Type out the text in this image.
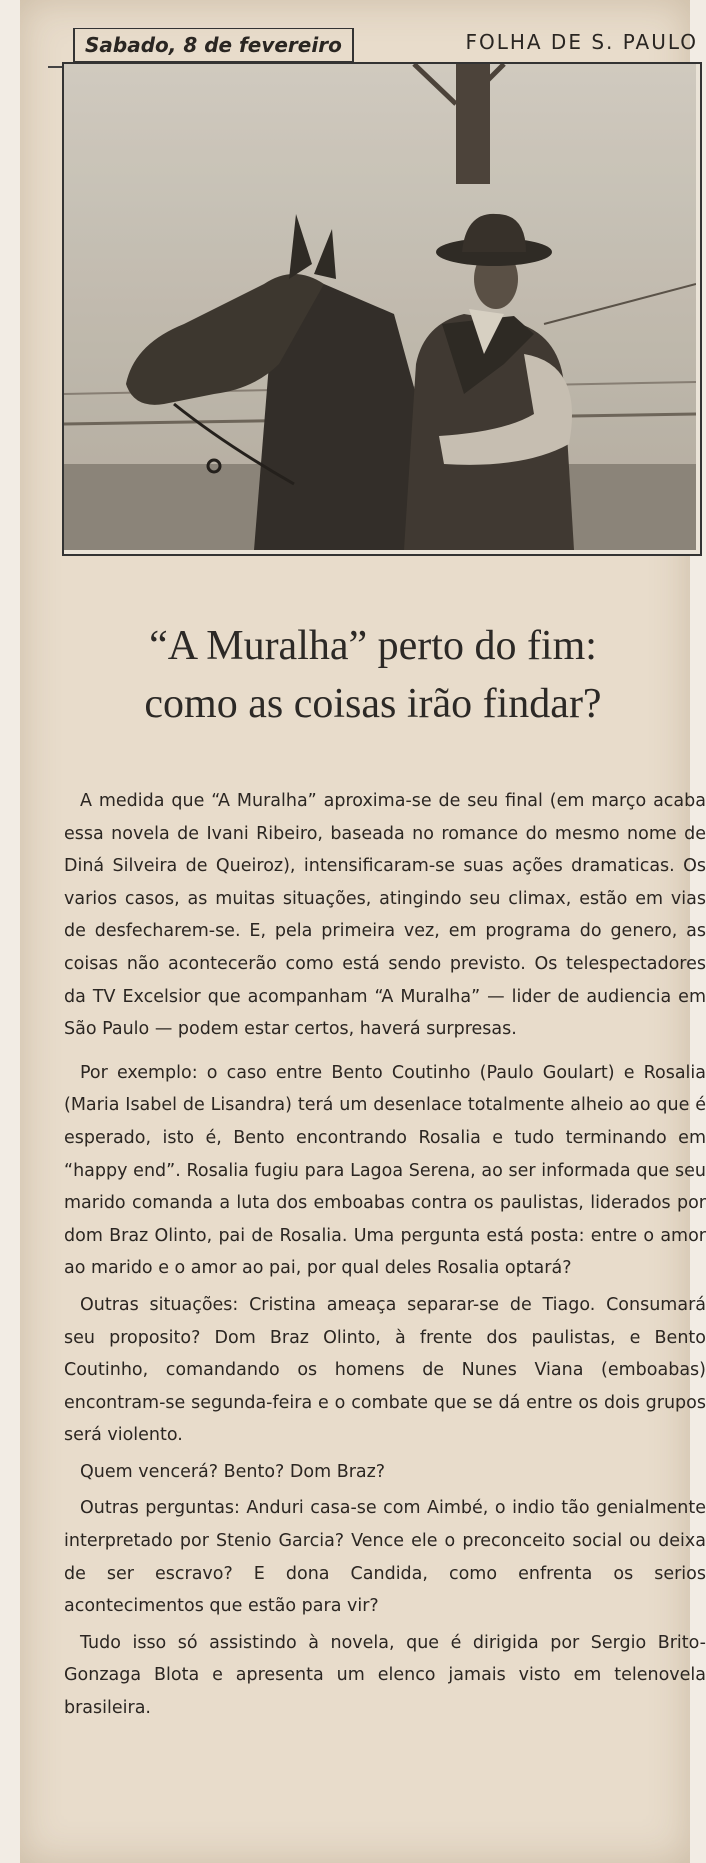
Sabado, 8 de fevereiro	FOLHA DE S. PAULO
“A Muralha” perto do fim:
como as coisas irão findar?

A medida que “A Muralha” aproxima-se de seu final (em março acaba essa novela de Ivani Ribeiro, baseada no romance do mesmo nome de Diná Silveira de Queiroz), intensificaram-se suas ações dramaticas. Os varios casos, as muitas situações, atingindo seu climax, estão em vias de desfecharem-se. E, pela primeira vez, em programa do genero, as coisas não acontecerão como está sendo previsto. Os telespectadores da TV Excelsior que acompanham “A Muralha” — lider de audiencia em São Paulo — podem estar certos, haverá surpresas.

Por exemplo: o caso entre Bento Coutinho (Paulo Goulart) e Rosalia (Maria Isabel de Lisandra) terá um desenlace totalmente alheio ao que é esperado, isto é, Bento encontrando Rosalia e tudo terminando em “happy end”. Rosalia fugiu para Lagoa Serena, ao ser informada que seu marido comanda a luta dos emboabas contra os paulistas, liderados por dom Braz Olinto, pai de Rosalia. Uma pergunta está posta: entre o amor ao marido e o amor ao pai, por qual deles Rosalia optará?

Outras situações: Cristina ameaça separar-se de Tiago. Consumará seu proposito? Dom Braz Olinto, à frente dos paulistas, e Bento Coutinho, comandando os homens de Nunes Viana (emboabas) encontram-se segunda-feira e o combate que se dá entre os dois grupos será violento.

Quem vencerá? Bento? Dom Braz?

Outras perguntas: Anduri casa-se com Aimbé, o indio tão genialmente interpretado por Stenio Garcia? Vence ele o preconceito social ou deixa de ser escravo? E dona Candida, como enfrenta os serios acontecimentos que estão para vir?

Tudo isso só assistindo à novela, que é dirigida por Sergio Brito-Gonzaga Blota e apresenta um elenco jamais visto em telenovela brasileira.
